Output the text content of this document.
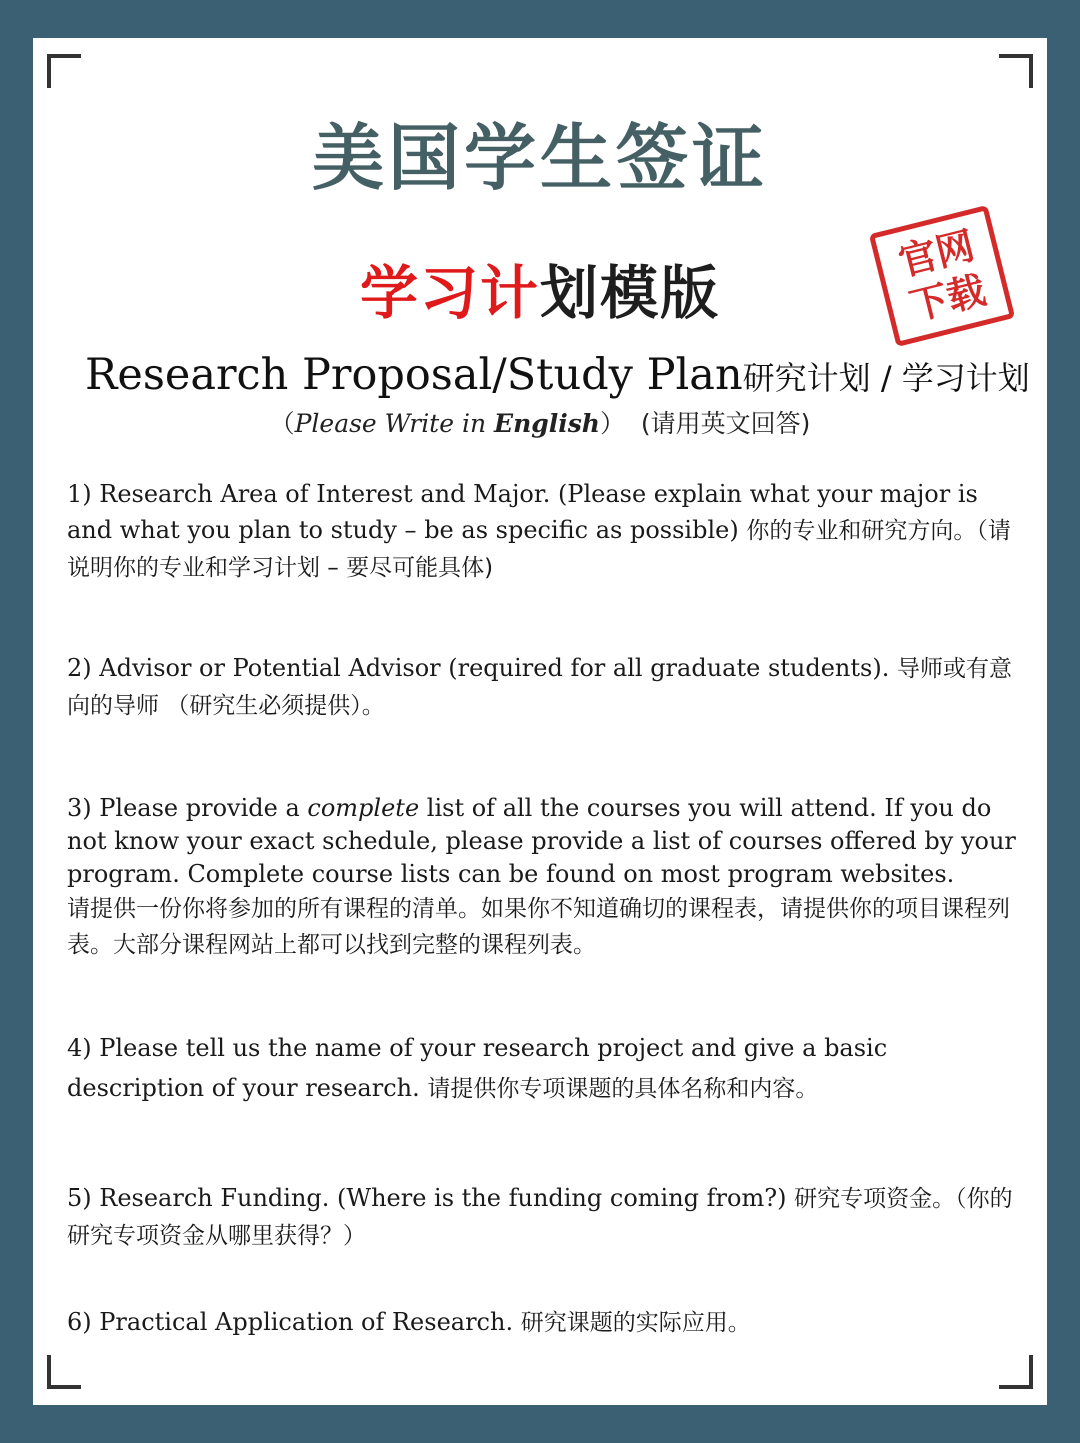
美国学生签证
学习计划模版
官网
下载
Research Proposal/Study Plan研究计划 / 学习计划
（Please Write in English） (请用英文回答)

1) Research Area of Interest and Major. (Please explain what your major is and what you plan to study – be as specific as possible) 你的专业和研究方向。（请说明你的专业和学习计划 – 要尽可能具体)

2) Advisor or Potential Advisor (required for all graduate students). 导师或有意向的导师 （研究生必须提供）。

3) Please provide a complete list of all the courses you will attend. If you do not know your exact schedule, please provide a list of courses offered by your program. Complete course lists can be found on most program websites.
请提供一份你将参加的所有课程的清单。如果你不知道确切的课程表，请提供你的项目课程列表。大部分课程网站上都可以找到完整的课程列表。

4) Please tell us the name of your research project and give a basic description of your research. 请提供你专项课题的具体名称和内容。

5) Research Funding. (Where is the funding coming from?) 研究专项资金。（你的研究专项资金从哪里获得？）

6) Practical Application of Research. 研究课题的实际应用。
